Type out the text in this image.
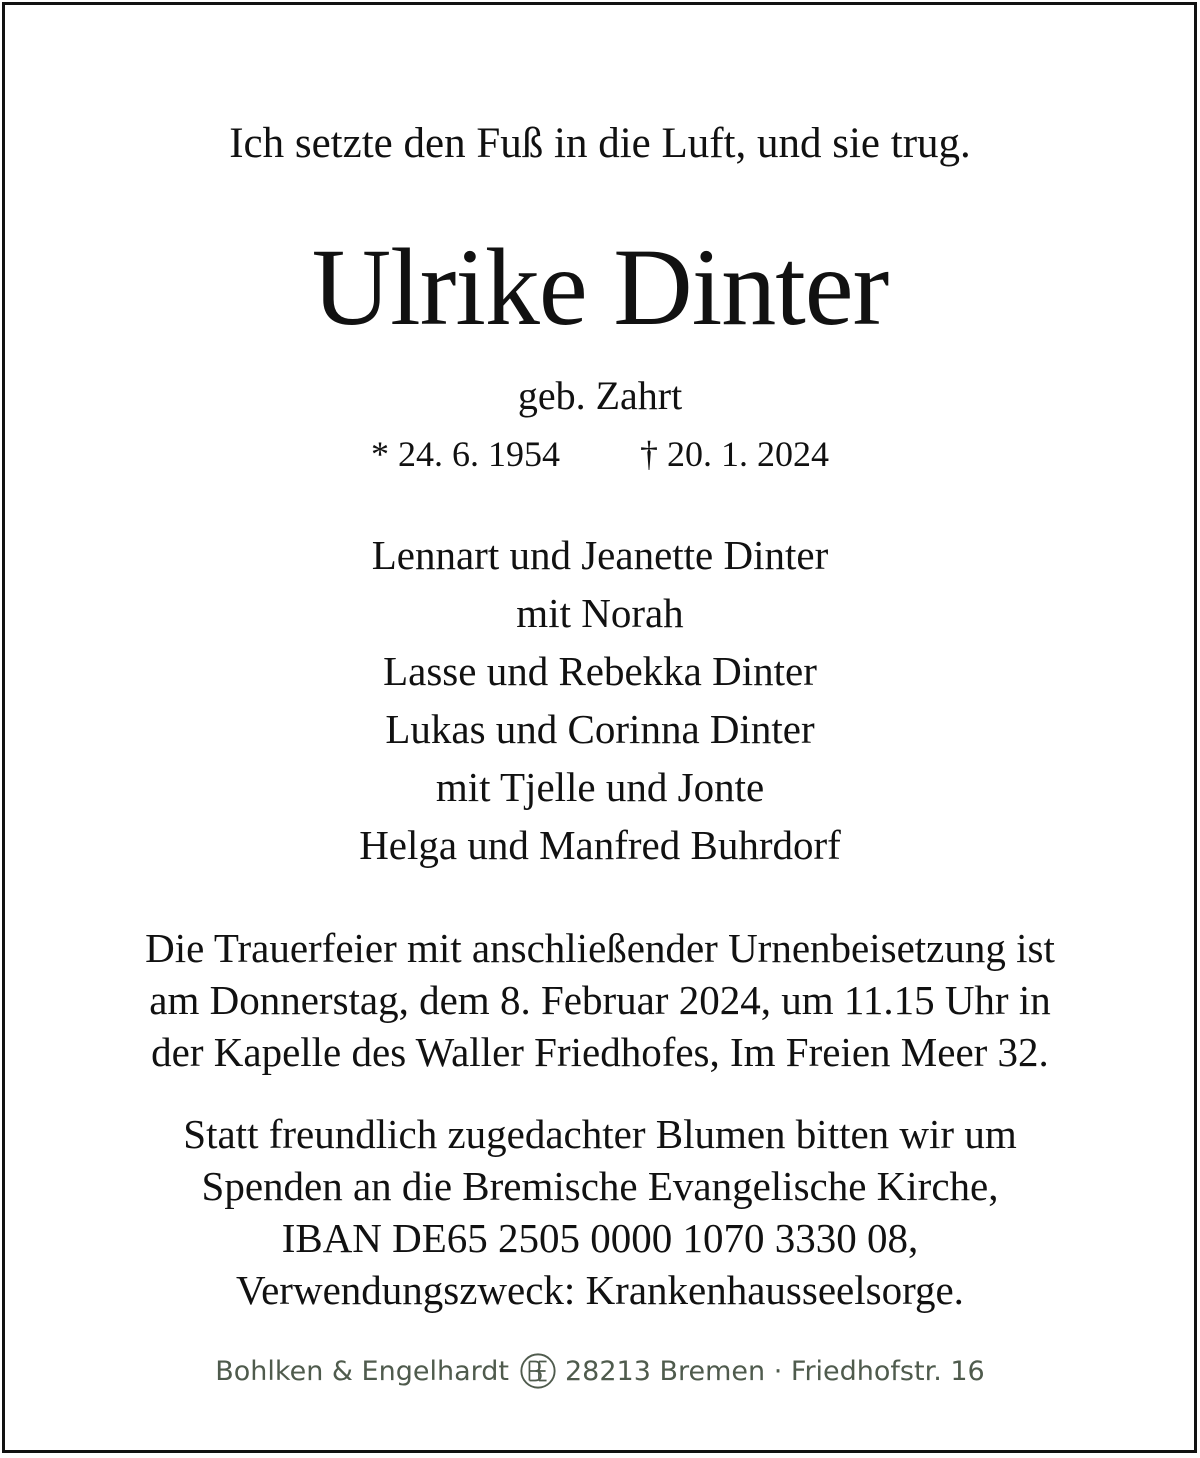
Ich setzte den Fuß in die Luft, und sie trug.

Ulrike Dinter

geb. Zahrt

* 24. 6. 1954 † 20. 1. 2024

Lennart und Jeanette Dinter
mit Norah
Lasse und Rebekka Dinter
Lukas und Corinna Dinter
mit Tjelle und Jonte
Helga und Manfred Buhrdorf
Die Trauerfeier mit anschließender Urnenbeisetzung ist
am Donnerstag, dem 8. Februar 2024, um 11.15 Uhr in
der Kapelle des Waller Friedhofes, Im Freien Meer 32.
Statt freundlich zugedachter Blumen bitten wir um
Spenden an die Bremische Evangelische Kirche,
IBAN DE65 2505 0000 1070 3330 08,
Verwendungszweck: Krankenhausseelsorge.
Bohlken & Engelhardt 28213 Bremen · Friedhofstr. 16
